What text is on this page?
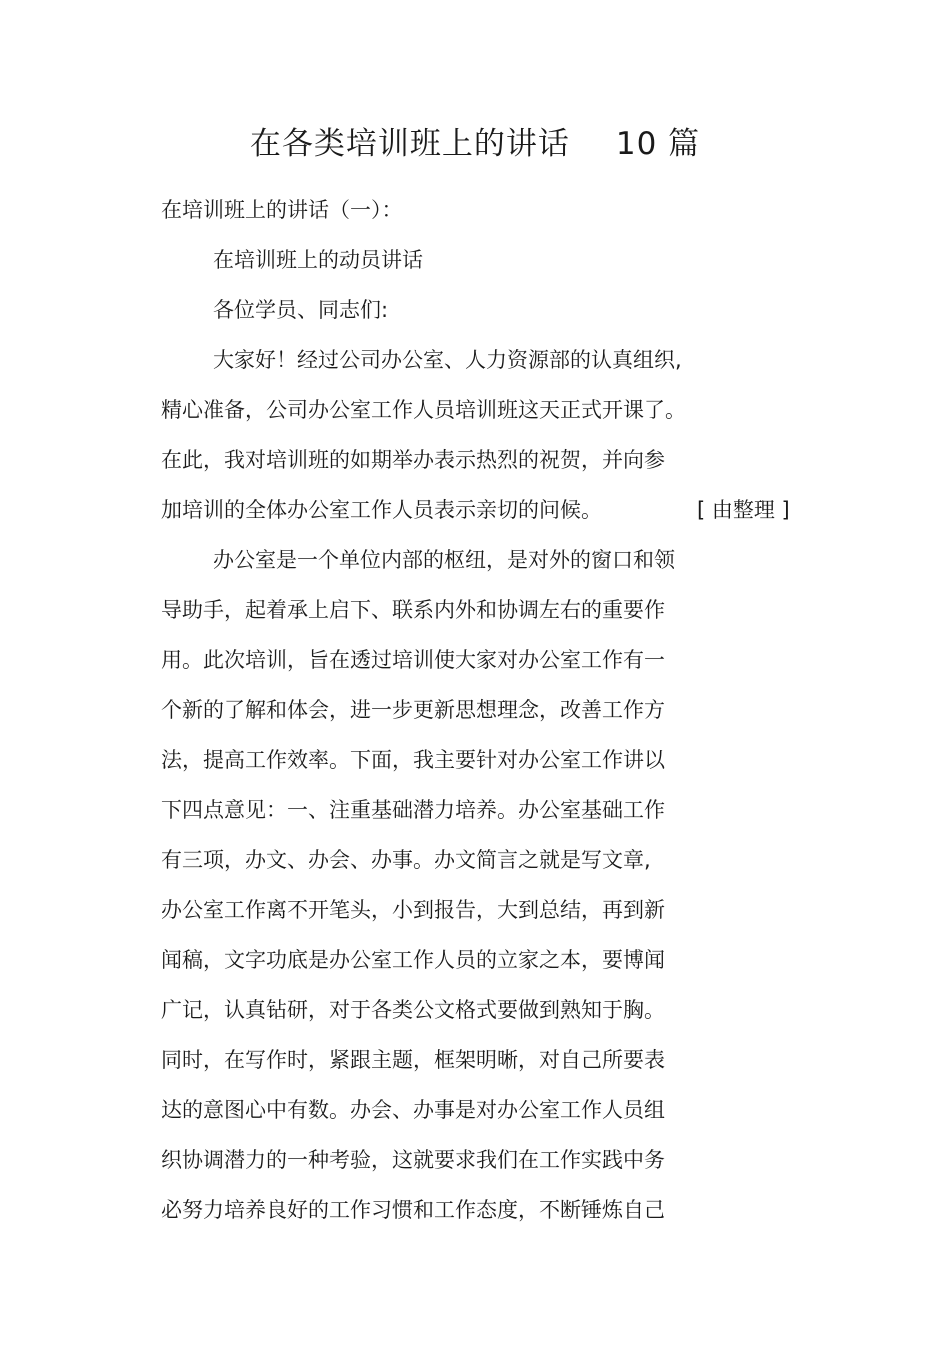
在各类培训班上的讲话 10 篇
在培训班上的讲话（一）：
在培训班上的动员讲话
各位学员、同志们:
大家好！经过公司办公室、人力资源部的认真组织,
精心准备，公司办公室工作人员培训班这天正式开课了。
在此，我对培训班的如期举办表示热烈的祝贺，并向参
加培训的全体办公室工作人员表示亲切的问候。	[ 由整理 ]
办公室是一个单位内部的枢纽，是对外的窗口和领
导助手，起着承上启下、联系内外和协调左右的重要作
用。此次培训，旨在透过培训使大家对办公室工作有一
个新的了解和体会，进一步更新思想理念，改善工作方
法，提高工作效率。下面，我主要针对办公室工作讲以
下四点意见：一、注重基础潜力培养。办公室基础工作
有三项，办文、办会、办事。办文简言之就是写文章,
办公室工作离不开笔头，小到报告，大到总结，再到新
闻稿，文字功底是办公室工作人员的立家之本，要博闻
广记，认真钻研，对于各类公文格式要做到熟知于胸。
同时，在写作时，紧跟主题，框架明晰，对自己所要表
达的意图心中有数。办会、办事是对办公室工作人员组
织协调潜力的一种考验，这就要求我们在工作实践中务
必努力培养良好的工作习惯和工作态度，不断锤炼自己
